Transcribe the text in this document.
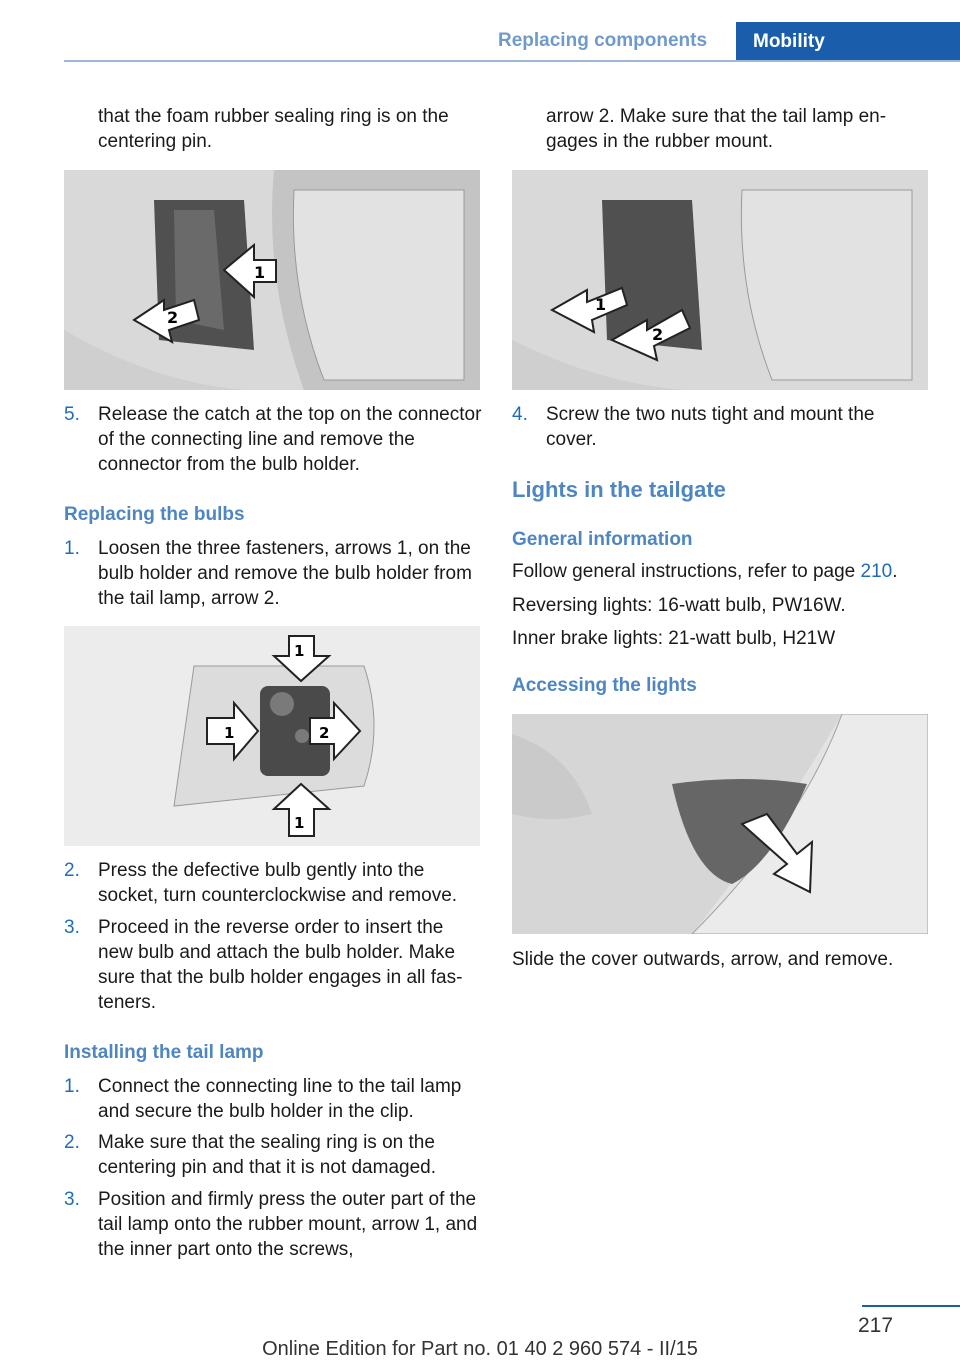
Replacing components	Mobility

that the foam rubber sealing ring is on the centering pin.

1
2
5. Release the catch at the top on the connector of the connecting line and remove the connector from the bulb holder.

Replacing the bulbs
1. Loosen the three fasteners, arrows 1, on the bulb holder and remove the bulb holder from the tail lamp, arrow 2.

1
1	2
1
2. Press the defective bulb gently into the socket, turn counterclockwise and remove.

3. Proceed in the reverse order to insert the new bulb and attach the bulb holder. Make sure that the bulb holder engages in all fasteners.

Installing the tail lamp
1. Connect the connecting line to the tail lamp and secure the bulb holder in the clip.

2. Make sure that the sealing ring is on the centering pin and that it is not damaged.

3. Position and firmly press the outer part of the tail lamp onto the rubber mount, arrow 1, and the inner part onto the screws,

arrow 2. Make sure that the tail lamp engages in the rubber mount.

1
2
4. Screw the two nuts tight and mount the cover.

Lights in the tailgate
General information

Follow general instructions, refer to page 210.

Reversing lights: 16-watt bulb, PW16W.

Inner brake lights: 21-watt bulb, H21W

Accessing the lights

Slide the cover outwards, arrow, and remove.

217
Online Edition for Part no. 01 40 2 960 574 - II/15
